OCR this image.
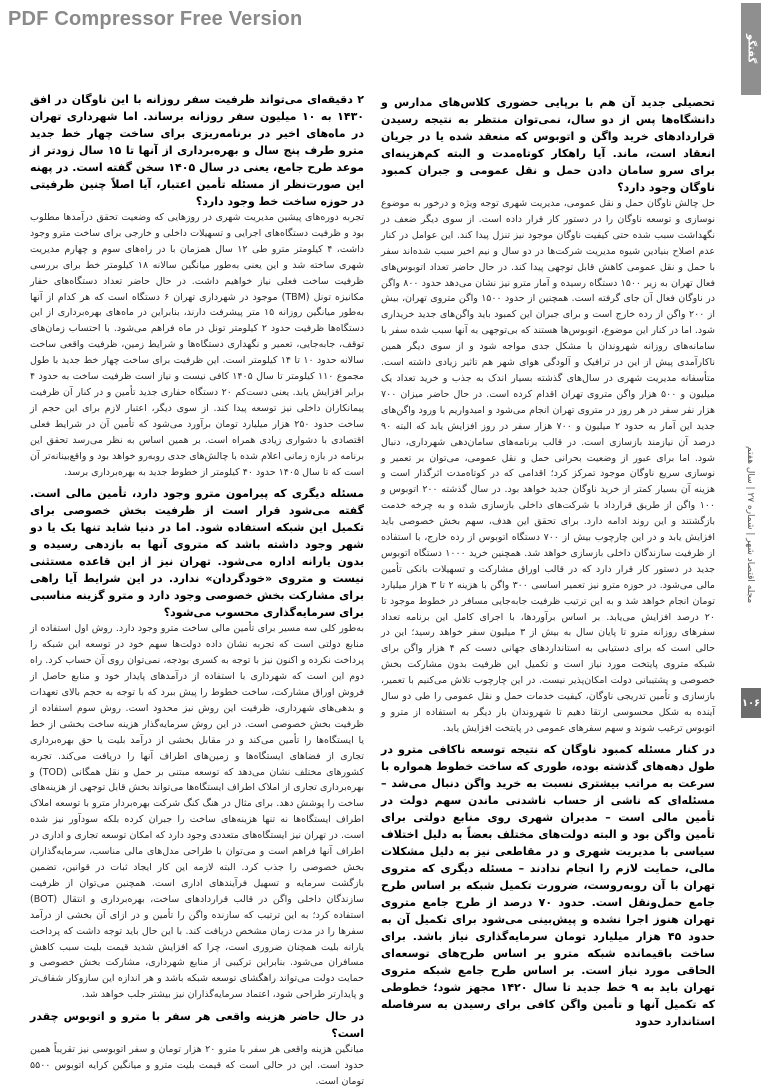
PDF Compressor Free Version
گفتگو
مجله اقتصاد شهر | شماره ۲۷ | سال هفتم
۱۰۶

تحصیلی جدید آن هم با برپایی حضوری کلاس‌های مدارس و دانشگاه‌ها پس از دو سال، نمی‌توان منتظر به نتیجه رسیدن قراردادهای خرید واگن و اتوبوس که منعقد شده یا در جریان انعقاد است، ماند. آیا راهکار کوتاه‌مدت و البته کم‌هزینه‌ای برای سرو سامان دادن حمل و نقل عمومی و جبران کمبود ناوگان وجود دارد؟

حل چالش ناوگان حمل و نقل عمومی، مدیریت شهری توجه ویژه و درخور به موضوع نوسازی و توسعه ناوگان را در دستور کار قرار داده است. از سوی دیگر ضعف در نگهداشت سبب شده حتی کیفیت ناوگان موجود نیز تنزل پیدا کند. این عوامل در کنار عدم اصلاح بنیادین شیوه مدیریت شرکت‌ها در دو سال و نیم اخیر سبب شده‌اند سفر با حمل و نقل عمومی کاهش قابل توجهی پیدا کند. در حال حاضر تعداد اتوبوس‌های فعال تهران به زیر ۱۵۰۰ دستگاه رسیده و آمار مترو نیز نشان می‌دهد حدود ۸۰۰ واگن در ناوگان فعال آن جای گرفته است. همچنین از حدود ۱۵۰۰ واگن متروی تهران، بیش از ۲۰۰ واگن از رده خارج است و برای جبران این کمبود باید واگن‌های جدید خریداری شود. اما در کنار این موضوع، اتوبوس‌ها هستند که بی‌توجهی به آنها سبب شده سفر با سامانه‌های روزانه شهروندان با مشکل جدی مواجه شود و از سوی دیگر همین ناکارآمدی پیش از این در ترافیک و آلودگی هوای شهر هم تاثیر زیادی داشته است. متأسفانه مدیریت شهری در سال‌های گذشته بسیار اندک به جذب و خرید تعداد یک میلیون و ۵۰۰ هزار واگن متروی تهران اقدام کرده است. در حال حاضر میزان ۷۰۰ هزار نفر سفر در هر روز در متروی تهران انجام می‌شود و امیدواریم با ورود واگن‌های جدید این آمار به حدود ۲ میلیون و ۷۰۰ هزار سفر در روز افزایش یابد که البته ۹۰ درصد آن نیازمند بازسازی است. در قالب برنامه‌های سامان‌دهی شهرداری، دنبال شود. اما برای عبور از وضعیت بحرانی حمل و نقل عمومی، می‌توان بر تعمیر و نوسازی سریع ناوگان موجود تمرکز کرد؛ اقدامی که در کوتاه‌مدت اثرگذار است و هزینه آن بسیار کمتر از خرید ناوگان جدید خواهد بود. در سال گذشته ۲۰۰ اتوبوس و ۱۰۰ واگن از طریق قرارداد با شرکت‌های داخلی بازسازی شده و به چرخه خدمت بازگشتند و این روند ادامه دارد. برای تحقق این هدف، سهم بخش خصوصی باید افزایش یابد و در این چارچوب بیش از ۷۰۰ دستگاه اتوبوس از رده خارج، با استفاده از ظرفیت سازندگان داخلی بازسازی خواهد شد. همچنین خرید ۱۰۰۰ دستگاه اتوبوس جدید در دستور کار قرار دارد که در قالب اوراق مشارکت و تسهیلات بانکی تأمین مالی می‌شود. در حوزه مترو نیز تعمیر اساسی ۳۰۰ واگن با هزینه ۲ تا ۳ هزار میلیارد تومان انجام خواهد شد و به این ترتیب ظرفیت جابه‌جایی مسافر در خطوط موجود تا ۲۰ درصد افزایش می‌یابد. بر اساس برآوردها، با اجرای کامل این برنامه تعداد سفرهای روزانه مترو تا پایان سال به بیش از ۳ میلیون سفر خواهد رسید؛ این در حالی است که برای دستیابی به استانداردهای جهانی دست کم ۴ هزار واگن برای شبکه متروی پایتخت مورد نیاز است و تکمیل این ظرفیت بدون مشارکت بخش خصوصی و پشتیبانی دولت امکان‌پذیر نیست. در این چارچوب تلاش می‌کنیم با تعمیر، بازسازی و تأمین تدریجی ناوگان، کیفیت خدمات حمل و نقل عمومی را طی دو سال آینده به شکل محسوسی ارتقا دهیم تا شهروندان بار دیگر به استفاده از مترو و اتوبوس ترغیب شوند و سهم سفرهای عمومی در پایتخت افزایش یابد.

در کنار مسئله کمبود ناوگان که نتیجه توسعه ناکافی مترو در طول دهه‌های گذشته بوده، طوری که ساخت خطوط همواره با سرعت به مراتب بیشتری نسبت به خرید واگن دنبال می‌شد – مسئله‌ای که ناشی از حساب ناشدنی ماندن سهم دولت در تأمین مالی است – مدیران شهری روی منابع دولتی برای تأمین واگن بود و البته دولت‌های مختلف بعضاً به دلیل اختلاف سیاسی با مدیریت شهری و در مقاطعی نیز به دلیل مشکلات مالی، حمایت لازم را انجام ندادند – مسئله دیگری که متروی تهران با آن روبه‌روست، ضرورت تکمیل شبکه بر اساس طرح جامع حمل‌ونقل است. حدود ۷۰ درصد از طرح جامع متروی تهران هنوز اجرا نشده و پیش‌بینی می‌شود برای تکمیل آن به حدود ۴۵ هزار میلیارد تومان سرمایه‌گذاری نیاز باشد. برای ساخت باقیمانده شبکه مترو بر اساس طرح‌های توسعه‌ای الحاقی مورد نیاز است. بر اساس طرح جامع شبکه متروی تهران باید به ۹ خط جدید تا سال ۱۴۲۰ مجهز شود؛ خطوطی که تکمیل آنها و تأمین واگن کافی برای رسیدن به سرفاصله استاندارد حدود

۲ دقیقه‌ای می‌تواند ظرفیت سفر روزانه با این ناوگان در افق ۱۴۳۰ به ۱۰ میلیون سفر روزانه برساند. اما شهرداری تهران در ماه‌های اخیر در برنامه‌ریزی برای ساخت چهار خط جدید مترو طرف پنج سال و بهره‌برداری از آنها تا ۱۵ سال زودتر از موعد طرح جامع، یعنی در سال ۱۴۰۵ سخن گفته است. در پهنه این صورت‌نظر از مسئله تأمین اعتبار، آیا اصلاً چنین ظرفیتی در حوزه ساخت خط وجود دارد؟

تجربه دوره‌های پیشین مدیریت شهری در روزهایی که وضعیت تحقق درآمدها مطلوب بود و ظرفیت دستگاه‌های اجرایی و تسهیلات داخلی و خارجی برای ساخت مترو وجود داشت، ۴ کیلومتر مترو طی ۱۲ سال همزمان با در راه‌های سوم و چهارم مدیریت شهری ساخته شد و این یعنی به‌طور میانگین سالانه ۱۸ کیلومتر خط برای بررسی ظرفیت ساخت فعلی نیاز خواهیم داشت. در حال حاضر تعداد دستگاه‌های حفار مکانیزه تونل (TBM) موجود در شهرداری تهران ۶ دستگاه است که هر کدام از آنها به‌طور میانگین روزانه ۱۵ متر پیشرفت دارند، بنابراین در ماه‌های بهره‌برداری از این دستگاه‌ها ظرفیت حدود ۲ کیلومتر تونل در ماه فراهم می‌شود. با احتساب زمان‌های توقف، جابه‌جایی، تعمیر و نگهداری دستگاه‌ها و شرایط زمین، ظرفیت واقعی ساخت سالانه حدود ۱۰ تا ۱۴ کیلومتر است. این ظرفیت برای ساخت چهار خط جدید با طول مجموع ۱۱۰ کیلومتر تا سال ۱۴۰۵ کافی نیست و نیاز است ظرفیت ساخت به حدود ۴ برابر افزایش یابد. یعنی دست‌کم ۲۰ دستگاه حفاری جدید تأمین و در کنار آن ظرفیت پیمانکاران داخلی نیز توسعه پیدا کند. از سوی دیگر، اعتبار لازم برای این حجم از ساخت حدود ۲۵۰ هزار میلیارد تومان برآورد می‌شود که تأمین آن در شرایط فعلی اقتصادی با دشواری زیادی همراه است. بر همین اساس به نظر می‌رسد تحقق این برنامه در بازه زمانی اعلام شده با چالش‌های جدی روبه‌رو خواهد بود و واقع‌بینانه‌تر آن است که تا سال ۱۴۰۵ حدود ۴۰ کیلومتر از خطوط جدید به بهره‌برداری برسد.

مسئله دیگری که پیرامون مترو وجود دارد، تأمین مالی است. گفته می‌شود قرار است از ظرفیت بخش خصوصی برای تکمیل این شبکه استفاده شود. اما در دنیا شاید تنها یک یا دو شهر وجود داشته باشد که متروی آنها به بازدهی رسیده و بدون یارانه اداره می‌شود. تهران نیز از این قاعده مستثنی نیست و متروی «خودگردان» ندارد. در این شرایط آیا راهی برای مشارکت بخش خصوصی وجود دارد و مترو گزینه مناسبی برای سرمایه‌گذاری محسوب می‌شود؟

به‌طور کلی سه مسیر برای تأمین مالی ساخت مترو وجود دارد. روش اول استفاده از منابع دولتی است که تجربه نشان داده دولت‌ها سهم خود در توسعه این شبکه را پرداخت نکرده و اکنون نیز با توجه به کسری بودجه، نمی‌توان روی آن حساب کرد. راه دوم این است که شهرداری با استفاده از درآمدهای پایدار خود و منابع حاصل از فروش اوراق مشارکت، ساخت خطوط را پیش ببرد که با توجه به حجم بالای تعهدات و بدهی‌های شهرداری، ظرفیت این روش نیز محدود است. روش سوم استفاده از ظرفیت بخش خصوصی است. در این روش سرمایه‌گذار هزینه ساخت بخشی از خط یا ایستگاه‌ها را تأمین می‌کند و در مقابل بخشی از درآمد بلیت یا حق بهره‌برداری تجاری از فضاهای ایستگاه‌ها و زمین‌های اطراف آنها را دریافت می‌کند. تجربه کشورهای مختلف نشان می‌دهد که توسعه مبتنی بر حمل و نقل همگانی (TOD) و بهره‌برداری تجاری از املاک اطراف ایستگاه‌ها می‌تواند بخش قابل توجهی از هزینه‌های ساخت را پوشش دهد. برای مثال در هنگ کنگ شرکت بهره‌بردار مترو با توسعه املاک اطراف ایستگاه‌ها نه تنها هزینه‌های ساخت را جبران کرده بلکه سودآور نیز شده است. در تهران نیز ایستگاه‌های متعددی وجود دارد که امکان توسعه تجاری و اداری در اطراف آنها فراهم است و می‌توان با طراحی مدل‌های مالی مناسب، سرمایه‌گذاران بخش خصوصی را جذب کرد. البته لازمه این کار ایجاد ثبات در قوانین، تضمین بازگشت سرمایه و تسهیل فرآیندهای اداری است. همچنین می‌توان از ظرفیت سازندگان داخلی واگن در قالب قراردادهای ساخت، بهره‌برداری و انتقال (BOT) استفاده کرد؛ به این ترتیب که سازنده واگن را تأمین و در ازای آن بخشی از درآمد سفرها را در مدت زمان مشخص دریافت کند. با این حال باید توجه داشت که پرداخت یارانه بلیت همچنان ضروری است، چرا که افزایش شدید قیمت بلیت سبب کاهش مسافران می‌شود. بنابراین ترکیبی از منابع شهرداری، مشارکت بخش خصوصی و حمایت دولت می‌تواند راهگشای توسعه شبکه باشد و هر اندازه این سازوکار شفاف‌تر و پایدارتر طراحی شود، اعتماد سرمایه‌گذاران نیز بیشتر جلب خواهد شد.

در حال حاضر هزینه واقعی هر سفر با مترو و اتوبوس چقدر است؟

میانگین هزینه واقعی هر سفر با مترو ۲۰ هزار تومان و سفر اتوبوسی نیز تقریباً همین حدود است. این در حالی است که قیمت بلیت مترو و میانگین کرایه اتوبوس ۵۵۰۰ تومان است.
